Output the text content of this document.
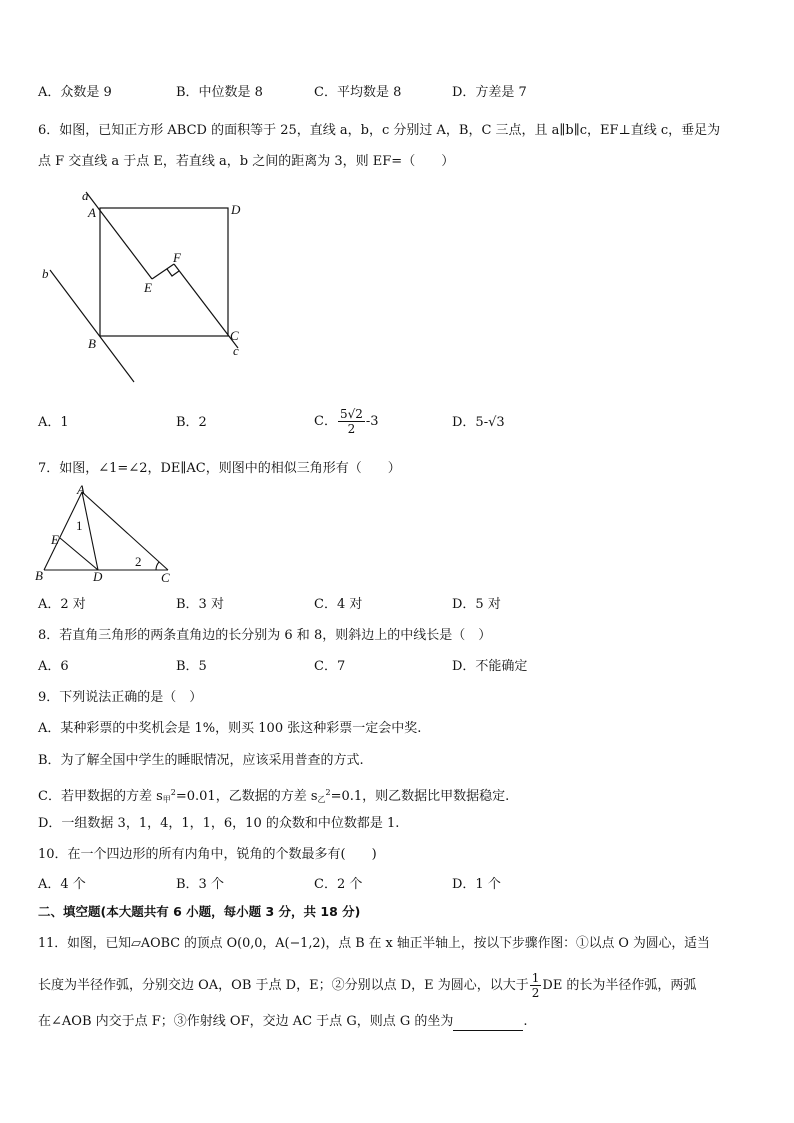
A．众数是 9	B．中位数是 8	C．平均数是 8	D．方差是 7
6．如图，已知正方形 ABCD 的面积等于 25，直线 a，b，c 分别过 A，B，C 三点，且 a∥b∥c，EF⊥直线 c，垂足为
点 F 交直线 a 于点 E，若直线 a，b 之间的距离为 3，则 EF=（　　）
a
A	D
F
E
b
C
c
B
A．1	B．2	C． $\frac{5√2}{2} -3$	D．5-√3
7．如图，∠1=∠2，DE∥AC，则图中的相似三角形有（　　）
A
1
E
B	D
2
C
A．2 对	B．3 对	C．4 对	D．5 对
8．若直角三角形的两条直角边的长分别为 6 和 8，则斜边上的中线长是（　）
A．6	B．5	C．7	D．不能确定
9．下列说法正确的是（　）
A．某种彩票的中奖机会是 1%，则买 100 张这种彩票一定会中奖.
B．为了解全国中学生的睡眠情况，应该采用普查的方式.
C．若甲数据的方差 $s_甲^2=0.01$，乙数据的方差 $s_乙^2=0.1$，则乙数据比甲数据稳定.
D．一组数据 3，1，4，1，1，6，10 的众数和中位数都是 1.
10．在一个四边形的所有内角中，锐角的个数最多有(　　)
A．4 个	B．3 个	C．2 个	D．1 个
二、填空题(本大题共有 6 小题，每小题 3 分，共 18 分)
11．如图，已知▱AOBC 的顶点 O(0,0，A(−1,2)，点 B 在 x 轴正半轴上，按以下步骤作图：①以点 O 为圆心，适当
长度为半径作弧，分别交边 OA，OB 于点 D，E；②分别以点 D，E 为圆心，以大于 $\frac{1}{2}$ DE 的长为半径作弧，两弧
在∠AOB 内交于点 F；③作射线 OF，交边 AC 于点 G，则点 G 的坐为	.
